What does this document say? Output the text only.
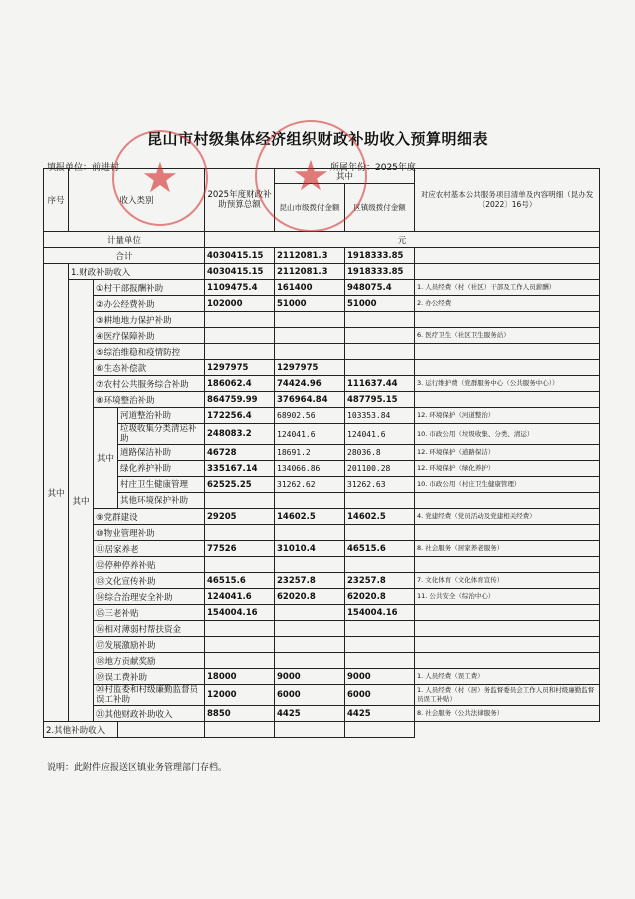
昆山市村级集体经济组织财政补助收入预算明细表
填报单位：前进村	所属年份：2025年度
序号	收入类别			2025年度财政补助预算总额	其中		对应农村基本公共服务项目清单及内容明细（昆办发〔2022〕16号）
					昆山市级拨付金额	区镇级拨付金额	
计量单位				元			
合计				4030415.15	2112081.3	1918333.85	
其中	1.财政补助收入			4030415.15	2112081.3	1918333.85	
	其中	①村干部报酬补助		1109475.4	161400	948075.4	1. 人员经费（村（社区）干部及工作人员薪酬）
		②办公经费补助		102000	51000	51000	2. 办公经费
		③耕地地力保护补助					
		④医疗保障补助					6. 医疗卫生（社区卫生服务站）
		⑤综治维稳和疫情防控					
		⑥生态补偿款		1297975	1297975		
		⑦农村公共服务综合补助		186062.4	74424.96	111637.44	3. 运行维护费（党群服务中心（公共服务中心））
		⑧环境整治补助		864759.99	376964.84	487795.15	
		其中	河道整治补助	172256.4	68902.56	103353.84	12. 环境保护（河道整治）
			垃圾收集分类清运补助	248083.2	124041.6	124041.6	10. 市政公用（垃圾收集、分类、清运）
			道路保洁补助	46728	18691.2	28036.8	12. 环境保护（道路保洁）
			绿化养护补助	335167.14	134066.86	201100.28	12. 环境保护（绿化养护）
			村庄卫生健康管理	62525.25	31262.62	31262.63	10. 市政公用（村庄卫生健康管理）
			其他环境保护补助				
		⑨党群建设		29205	14602.5	14602.5	4. 党建经费（党员活动及党建相关经费）
		⑩物业管理补助					
		⑪居家养老		77526	31010.4	46515.6	8. 社会服务（居家养老服务）
		⑫停种停养补贴					
		⑬文化宣传补助		46515.6	23257.8	23257.8	7. 文化体育（文化体育宣传）
		⑭综合治理安全补助		124041.6	62020.8	62020.8	11. 公共安全（综治中心）
		⑮三老补贴		154004.16		154004.16	
		⑯相对薄弱村帮扶资金					
		⑰发展激励补助					
		⑱地方贡献奖励					
		⑲误工费补助		18000	9000	9000	1. 人员经费（误工费）
		⑳村监委和村级廉勤监督员误工补助		12000	6000	6000	1. 人员经费（村（居）务监督委员会工作人员和村级廉勤监督员误工补贴）
		㉑其他财政补助收入		8850	4425	4425	8. 社会服务（公共法律服务）
2.其他补助收入							
★	★
说明：此附件应报送区镇业务管理部门存档。
